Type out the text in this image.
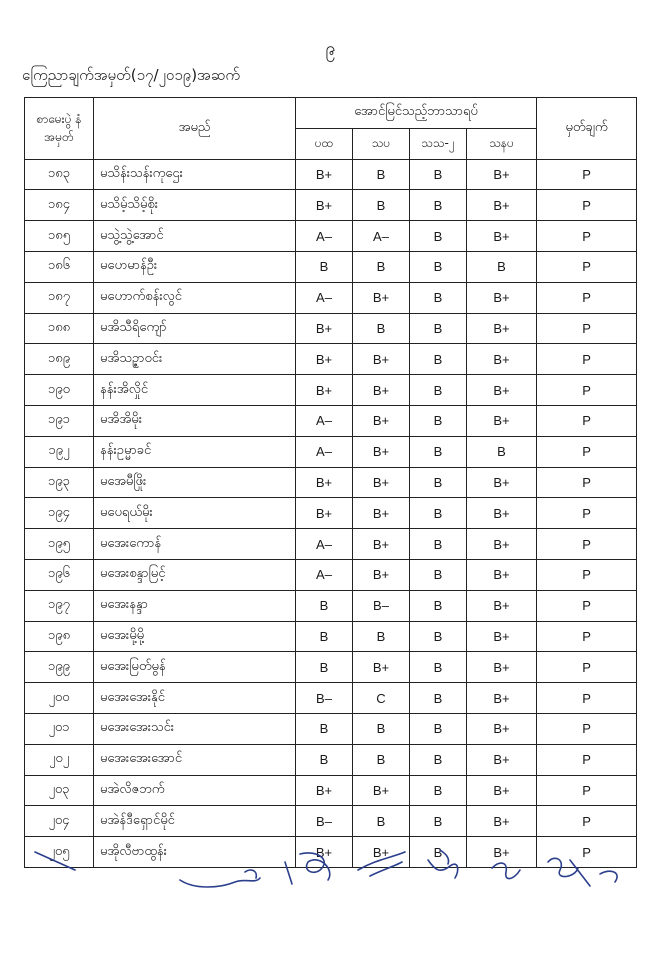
၉
ကြေညာချက်အမှတ်(၁၇/၂၀၁၉)အဆက်
စာမေးပွဲ နံအမှတ်	အမည်	အောင်မြင်သည့်ဘာသာရပ်				မှတ်ချက်
		ပထ	သပ	သသ-၂	သနပ	
၁၈၃	မသိန်းသန်းကုဌေး	B+	B	B	B+	P
၁၈၄	မသိမ့်သိမ့်စိုး	B+	B	B	B+	P
၁၈၅	မသွဲ့သွဲ့အောင်	A–	A–	B	B+	P
၁၈၆	မဟေမာန်ဦး	B	B	B	B	P
၁၈၇	မဟောက်စန်းလွင်	A–	B+	B	B+	P
၁၈၈	မအိသီရိကျော်	B+	B	B	B+	P
၁၈၉	မအိသဉ္ဇာဝင်း	B+	B+	B	B+	P
၁၉၀	နန်းအိလှိုင်	B+	B+	B	B+	P
၁၉၁	မအိအိမိုး	A–	B+	B	B+	P
၁၉၂	နန်းဥမ္မာခင်	A–	B+	B	B	P
၁၉၃	မအေမီဖြိုး	B+	B+	B	B+	P
၁၉၄	မပေရယ်မိုး	B+	B+	B	B+	P
၁၉၅	မအေးကောန်	A–	B+	B	B+	P
၁၉၆	မအေးစန္ဒာမြင့်	A–	B+	B	B+	P
၁၉၇	မအေးနန္ဒာ	B	B–	B	B+	P
၁၉၈	မအေးမို့မို့	B	B	B	B+	P
၁၉၉	မအေးမြတ်မွန်	B	B+	B	B+	P
၂၀၀	မအေးအေးနိုင်	B–	C	B	B+	P
၂၀၁	မအေးအေးသင်း	B	B	B	B+	P
၂၀၂	မအေးအေးအောင်	B	B	B	B+	P
၂၀၃	မအဲလိဇဘက်	B+	B+	B	B+	P
၂၀၄	မအဲန်ဒီရှောင်မိုင်	B–	B	B	B+	P
၂၀၅	မအိုလီဗာထွန်း	B+	B+	B	B+	P
